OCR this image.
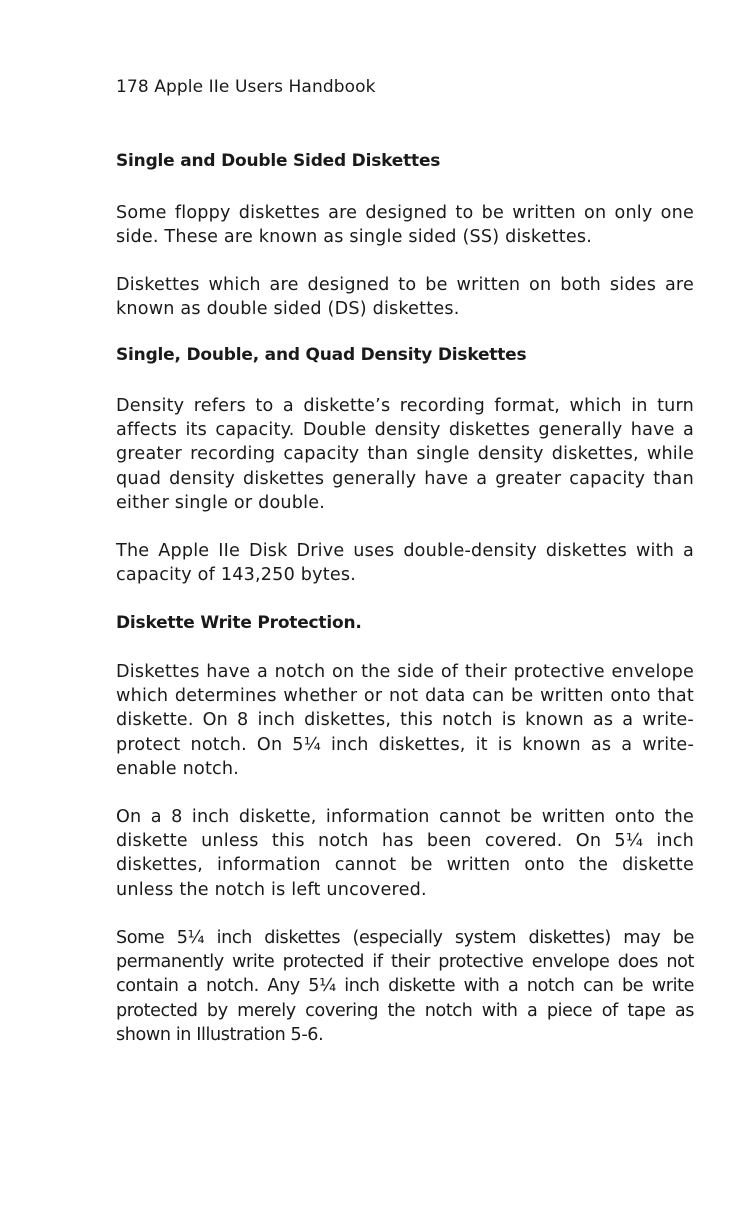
178 Apple IIe Users Handbook
Single and Double Sided Diskettes

Some floppy diskettes are designed to be written on only one side. These are known as single sided (SS) diskettes.

Diskettes which are designed to be written on both sides are known as double sided (DS) diskettes.

Single, Double, and Quad Density Diskettes

Density refers to a diskette’s recording format, which in turn affects its capacity. Double density diskettes generally have a greater recording capacity than single density diskettes, while quad density diskettes generally have a greater capacity than either single or double.

The Apple IIe Disk Drive uses double-density diskettes with a capacity of 143,250 bytes.

Diskette Write Protection.

Diskettes have a notch on the side of their protective envelope which determines whether or not data can be written onto that diskette. On 8 inch diskettes, this notch is known as a write-protect notch. On 5¼ inch diskettes, it is known as a write-enable notch.

On a 8 inch diskette, information cannot be written onto the diskette unless this notch has been covered. On 5¼ inch diskettes, information cannot be written onto the diskette unless the notch is left uncovered.

Some 5¼ inch diskettes (especially system diskettes) may be permanently write protected if their protective envelope does not contain a notch. Any 5¼ inch diskette with a notch can be write protected by merely covering the notch with a piece of tape as shown in Illustration 5-6.
